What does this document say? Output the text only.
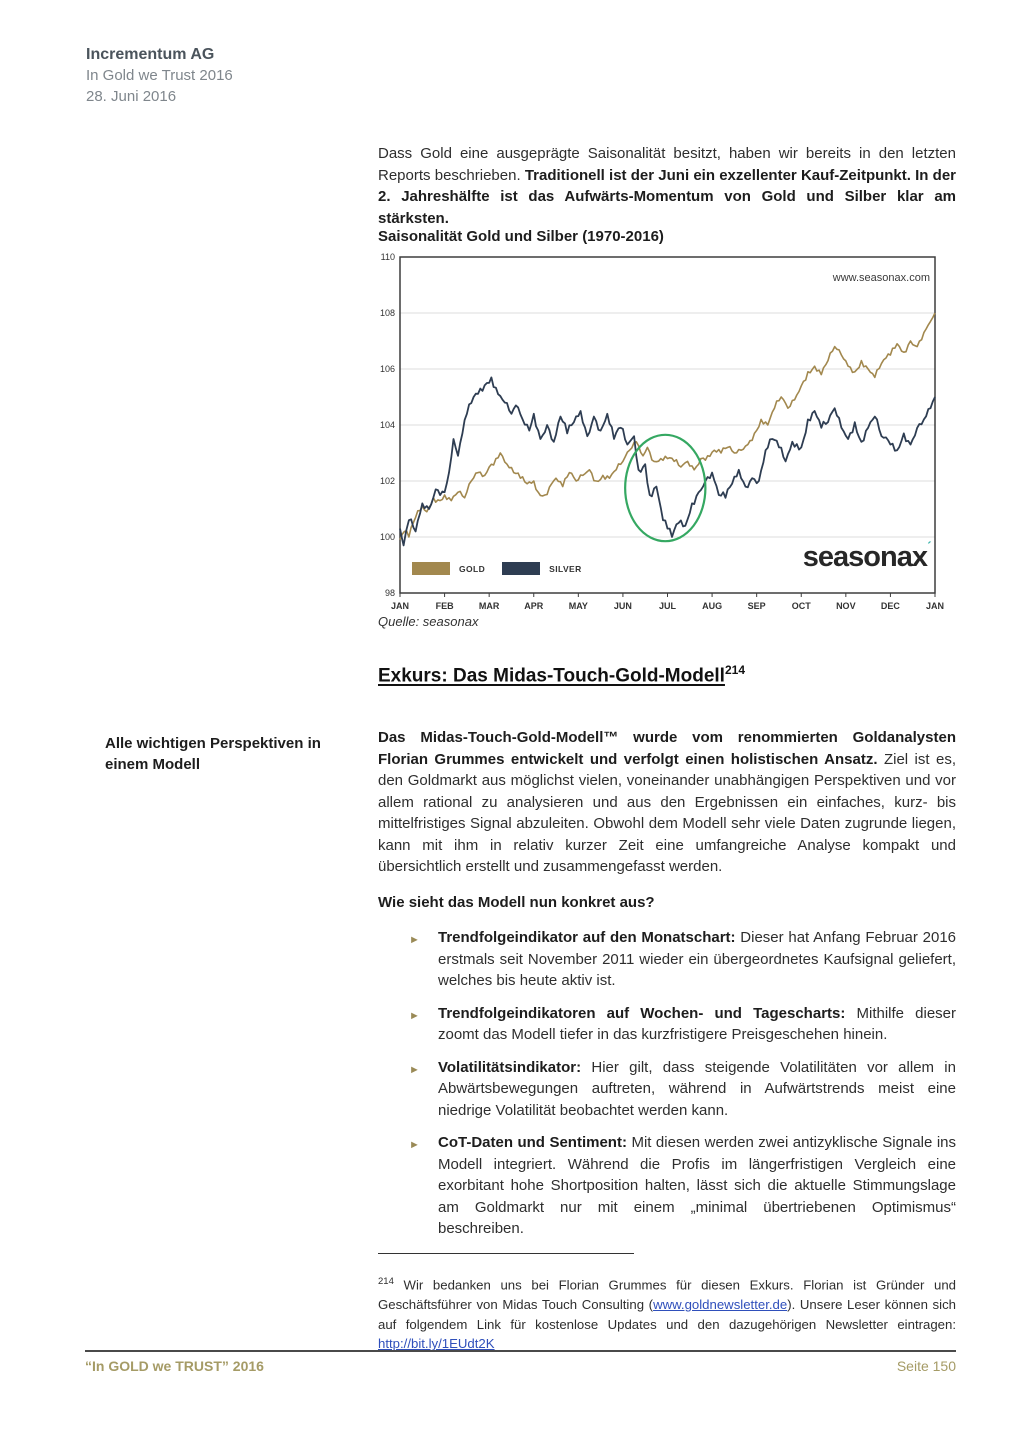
Incrementum AG
In Gold we Trust 2016
28. Juni 2016

Dass Gold eine ausgeprägte Saisonalität besitzt, haben wir bereits in den letzten Reports beschrieben. Traditionell ist der Juni ein exzellenter Kauf-Zeitpunkt. In der 2. Jahreshälfte ist das Aufwärts-Momentum von Gold und Silber klar am stärksten.

Saisonalität Gold und Silber (1970-2016)
110
108
106
104
102
100
98
JAN	FEB	MAR	APR	MAY	JUN	JUL	AUG	SEP	OCT	NOV	DEC	JAN
www.seasonax.com
GOLD	SILVER	seasonax$^ˊ$
Quelle: seasonax
Exkurs: Das Midas-Touch-Gold-Modell$^{214}$
Alle wichtigen Perspektiven in einem Modell

Das Midas-Touch-Gold-Modell™ wurde vom renommierten Goldanalysten Florian Grummes entwickelt und verfolgt einen holistischen Ansatz. Ziel ist es, den Goldmarkt aus möglichst vielen, voneinander unabhängigen Perspektiven und vor allem rational zu analysieren und aus den Ergebnissen ein einfaches, kurz- bis mittelfristiges Signal abzuleiten. Obwohl dem Modell sehr viele Daten zugrunde liegen, kann mit ihm in relativ kurzer Zeit eine umfangreiche Analyse kompakt und übersichtlich erstellt und zusammengefasst werden.

Wie sieht das Modell nun konkret aus?
► Trendfolgeindikator auf den Monatschart: Dieser hat Anfang Februar 2016 erstmals seit November 2011 wieder ein übergeordnetes Kaufsignal geliefert, welches bis heute aktiv ist.
► Trendfolgeindikatoren auf Wochen- und Tagescharts: Mithilfe dieser zoomt das Modell tiefer in das kurzfristigere Preisgeschehen hinein.
► Volatilitätsindikator: Hier gilt, dass steigende Volatilitäten vor allem in Abwärtsbewegungen auftreten, während in Aufwärtstrends meist eine niedrige Volatilität beobachtet werden kann.
► CoT-Daten und Sentiment: Mit diesen werden zwei antizyklische Signale ins Modell integriert. Während die Profis im längerfristigen Vergleich eine exorbitant hohe Shortposition halten, lässt sich die aktuelle Stimmungslage am Goldmarkt nur mit einem „minimal übertriebenen Optimismus“ beschreiben.

$^{214}$ Wir bedanken uns bei Florian Grummes für diesen Exkurs. Florian ist Gründer und Geschäftsführer von Midas Touch Consulting (www.goldnewsletter.de). Unsere Leser können sich auf folgendem Link für kostenlose Updates und den dazugehörigen Newsletter eintragen: http://bit.ly/1EUdt2K

“In GOLD we TRUST” 2016	Seite 150
